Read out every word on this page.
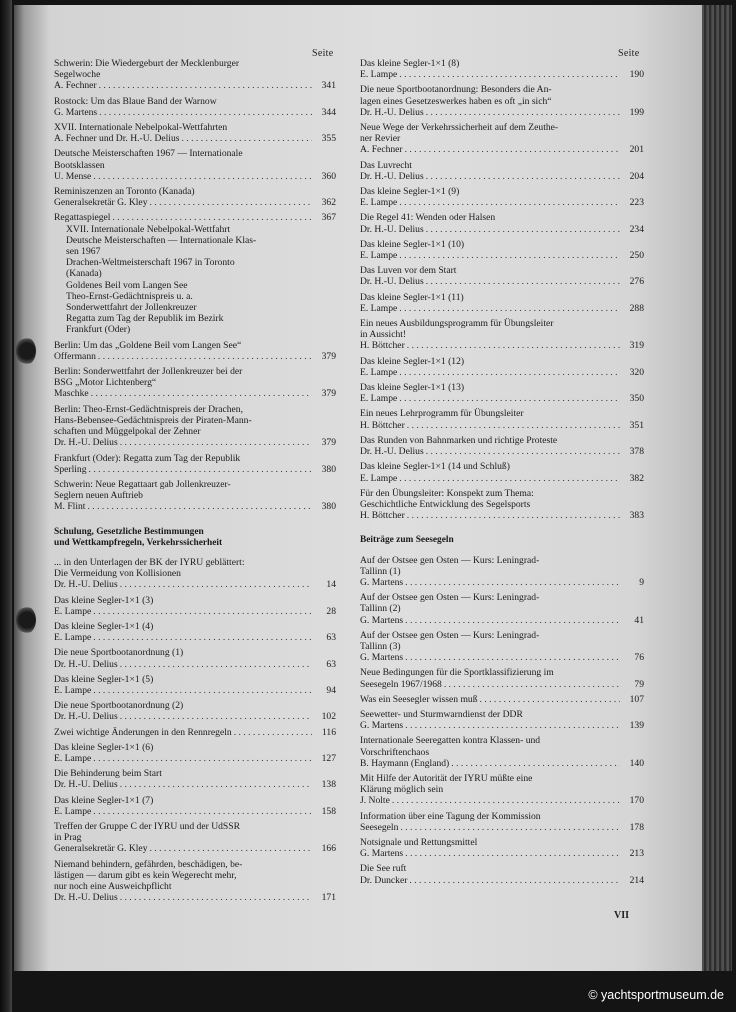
Seite	Seite
Schwerin: Die Wiedergeburt der Mecklenburger
Segelwoche
A. Fechner . . .	341
Rostock: Um das Blaue Band der Warnow
G. Martens . . .	344
XVII. Internationale Nebelpokal-Wettfahrten
A. Fechner und Dr. H.-U. Delius . . .	355
Deutsche Meisterschaften 1967 — Internationale
Bootsklassen
U. Mense . . .	360
Reminiszenzen an Toronto (Kanada)
Generalsekretär G. Kley . . .	362
Regattaspiegel . . .	367
XVII. Internationale Nebelpokal-Wettfahrt
Deutsche Meisterschaften — Internationale Klas-
sen 1967
Drachen-Weltmeisterschaft 1967 in Toronto
(Kanada)
Goldenes Beil vom Langen See
Theo-Ernst-Gedächtnispreis u. a.
Sonderwettfahrt der Jollenkreuzer
Regatta zum Tag der Republik im Bezirk
Frankfurt (Oder)
Berlin: Um das „Goldene Beil vom Langen See“
Offermann . . .	379
Berlin: Sonderwettfahrt der Jollenkreuzer bei der
BSG „Motor Lichtenberg“
Maschke . . .	379
Berlin: Theo-Ernst-Gedächtnispreis der Drachen,
Hans-Bebensee-Gedächtnispreis der Piraten-Mann-
schaften und Müggelpokal der Zehner
Dr. H.-U. Delius . . .	379
Frankfurt (Oder): Regatta zum Tag der Republik
Sperling . . .	380
Schwerin: Neue Regattaart gab Jollenkreuzer-
Seglern neuen Auftrieb
M. Flint . . .	380
Schulung, Gesetzliche Bestimmungen
und Wettkampfregeln, Verkehrssicherheit
... in den Unterlagen der BK der IYRU geblättert:
Die Vermeidung von Kollisionen
Dr. H.-U. Delius . . .	14
Das kleine Segler-1×1 (3)
E. Lampe . . .	28
Das kleine Segler-1×1 (4)
E. Lampe . . .	63
Die neue Sportbootanordnung (1)
Dr. H.-U. Delius . . .	63
Das kleine Segler-1×1 (5)
E. Lampe . . .	94
Die neue Sportbootanordnung (2)
Dr. H.-U. Delius . . .	102
Zwei wichtige Änderungen in den Rennregeln . . .	116
Das kleine Segler-1×1 (6)
E. Lampe . . .	127
Die Behinderung beim Start
Dr. H.-U. Delius . . .	138
Das kleine Segler-1×1 (7)
E. Lampe . . .	158
Treffen der Gruppe C der IYRU und der UdSSR
in Prag
Generalsekretär G. Kley . . .	166
Niemand behindern, gefährden, beschädigen, be-
lästigen — darum gibt es kein Wegerecht mehr,
nur noch eine Ausweichpflicht
Dr. H.-U. Delius . . .	171
Das kleine Segler-1×1 (8)
E. Lampe . . .	190
Die neue Sportbootanordnung: Besonders die An-
lagen eines Gesetzeswerkes haben es oft „in sich“
Dr. H.-U. Delius . . .	199
Neue Wege der Verkehrssicherheit auf dem Zeuthe-
ner Revier
A. Fechner . . .	201
Das Luvrecht
Dr. H.-U. Delius . . .	204
Das kleine Segler-1×1 (9)
E. Lampe . . .	223
Die Regel 41: Wenden oder Halsen
Dr. H.-U. Delius . . .	234
Das kleine Segler-1×1 (10)
E. Lampe . . .	250
Das Luven vor dem Start
Dr. H.-U. Delius . . .	276
Das kleine Segler-1×1 (11)
E. Lampe . . .	288
Ein neues Ausbildungsprogramm für Übungsleiter
in Aussicht!
H. Böttcher . . .	319
Das kleine Segler-1×1 (12)
E. Lampe . . .	320
Das kleine Segler-1×1 (13)
E. Lampe . . .	350
Ein neues Lehrprogramm für Übungsleiter
H. Böttcher . . .	351
Das Runden von Bahnmarken und richtige Proteste
Dr. H.-U. Delius . . .	378
Das kleine Segler-1×1 (14 und Schluß)
E. Lampe . . .	382
Für den Übungsleiter: Konspekt zum Thema:
Geschichtliche Entwicklung des Segelsports
H. Böttcher . . .	383
Beiträge zum Seesegeln
Auf der Ostsee gen Osten — Kurs: Leningrad-
Tallinn (1)
G. Martens . . .	9
Auf der Ostsee gen Osten — Kurs: Leningrad-
Tallinn (2)
G. Martens . . .	41
Auf der Ostsee gen Osten — Kurs: Leningrad-
Tallinn (3)
G. Martens . . .	76
Neue Bedingungen für die Sportklassifizierung im
Seesegeln 1967/1968 . . .	79
Was ein Seesegler wissen muß . . .	107
Seewetter- und Sturmwarndienst der DDR
G. Martens . . .	139
Internationale Seeregatten kontra Klassen- und
Vorschriftenchaos
B. Haymann (England) . . .	140
Mit Hilfe der Autorität der IYRU müßte eine
Klärung möglich sein
J. Nolte . . .	170
Information über eine Tagung der Kommission
Seesegeln . . .	178
Notsignale und Rettungsmittel
G. Martens . . .	213
Die See ruft
Dr. Duncker . . .	214
VII
© yachtsportmuseum.de
